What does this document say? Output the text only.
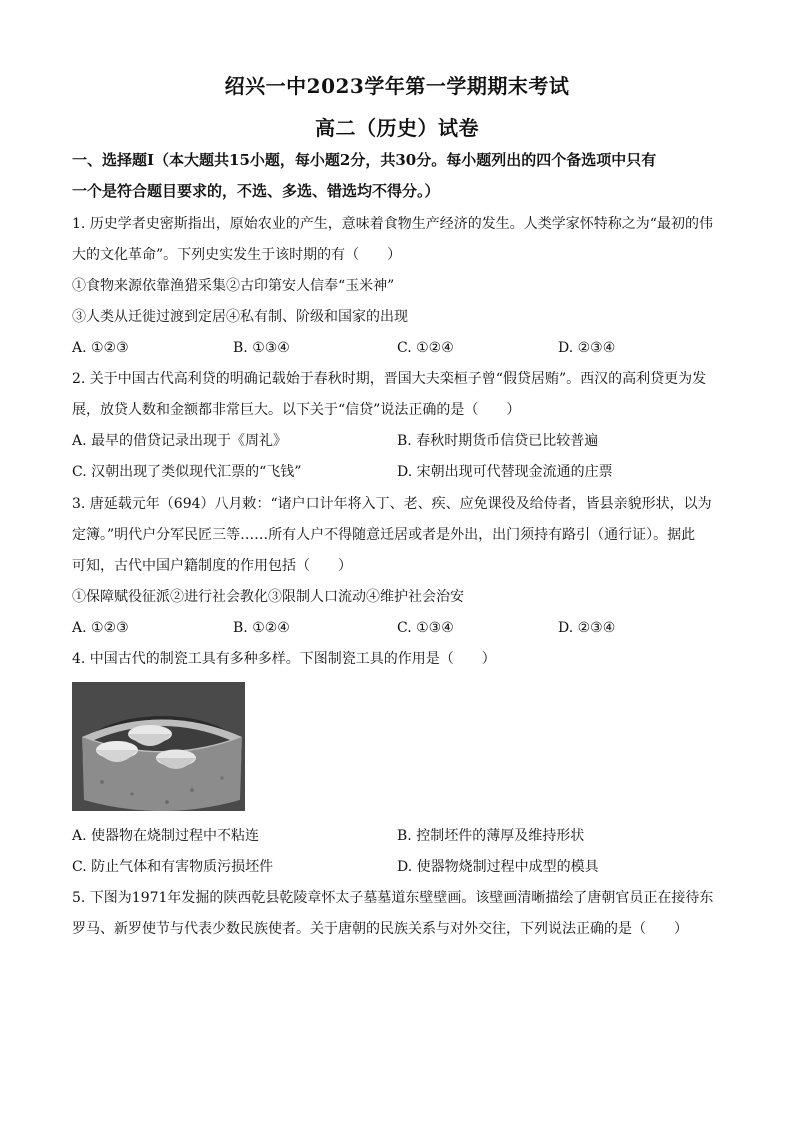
绍兴一中2023学年第一学期期末考试
高二（历史）试卷
一、选择题Ⅰ（本大题共15小题，每小题2分，共30分。每小题列出的四个备选项中只有
一个是符合题目要求的，不选、多选、错选均不得分。）
1. 历史学者史密斯指出，原始农业的产生，意味着食物生产经济的发生。人类学家怀特称之为“最初的伟
大的文化革命”。下列史实发生于该时期的有（　　）
①食物来源依靠渔猎采集②古印第安人信奉“玉米神”
③人类从迁徙过渡到定居④私有制、阶级和国家的出现
A. ①②③	B. ①③④	C. ①②④	D. ②③④
2. 关于中国古代高利贷的明确记载始于春秋时期，晋国大夫栾桓子曾“假贷居贿”。西汉的高利贷更为发
展，放贷人数和金额都非常巨大。以下关于“信贷”说法正确的是（　　）
A. 最早的借贷记录出现于《周礼》	B. 春秋时期货币信贷已比较普遍
C. 汉朝出现了类似现代汇票的“飞钱”	D. 宋朝出现可代替现金流通的庄票
3. 唐延载元年（694）八月敕：“诸户口计年将入丁、老、疾、应免课役及给侍者，皆县亲貌形状，以为
定簿。”明代户分军民匠三等……所有人户不得随意迁居或者是外出，出门须持有路引（通行证）。据此
可知，古代中国户籍制度的作用包括（　　）
①保障赋役征派②进行社会教化③限制人口流动④维护社会治安
A. ①②③	B. ①②④	C. ①③④	D. ②③④
4. 中国古代的制瓷工具有多种多样。下图制瓷工具的作用是（　　）
A. 使器物在烧制过程中不粘连	B. 控制坯件的薄厚及维持形状
C. 防止气体和有害物质污损坯件	D. 使器物烧制过程中成型的模具
5. 下图为1971年发掘的陕西乾县乾陵章怀太子墓墓道东壁壁画。该壁画清晰描绘了唐朝官员正在接待东
罗马、新罗使节与代表少数民族使者。关于唐朝的民族关系与对外交往，下列说法正确的是（　　）
